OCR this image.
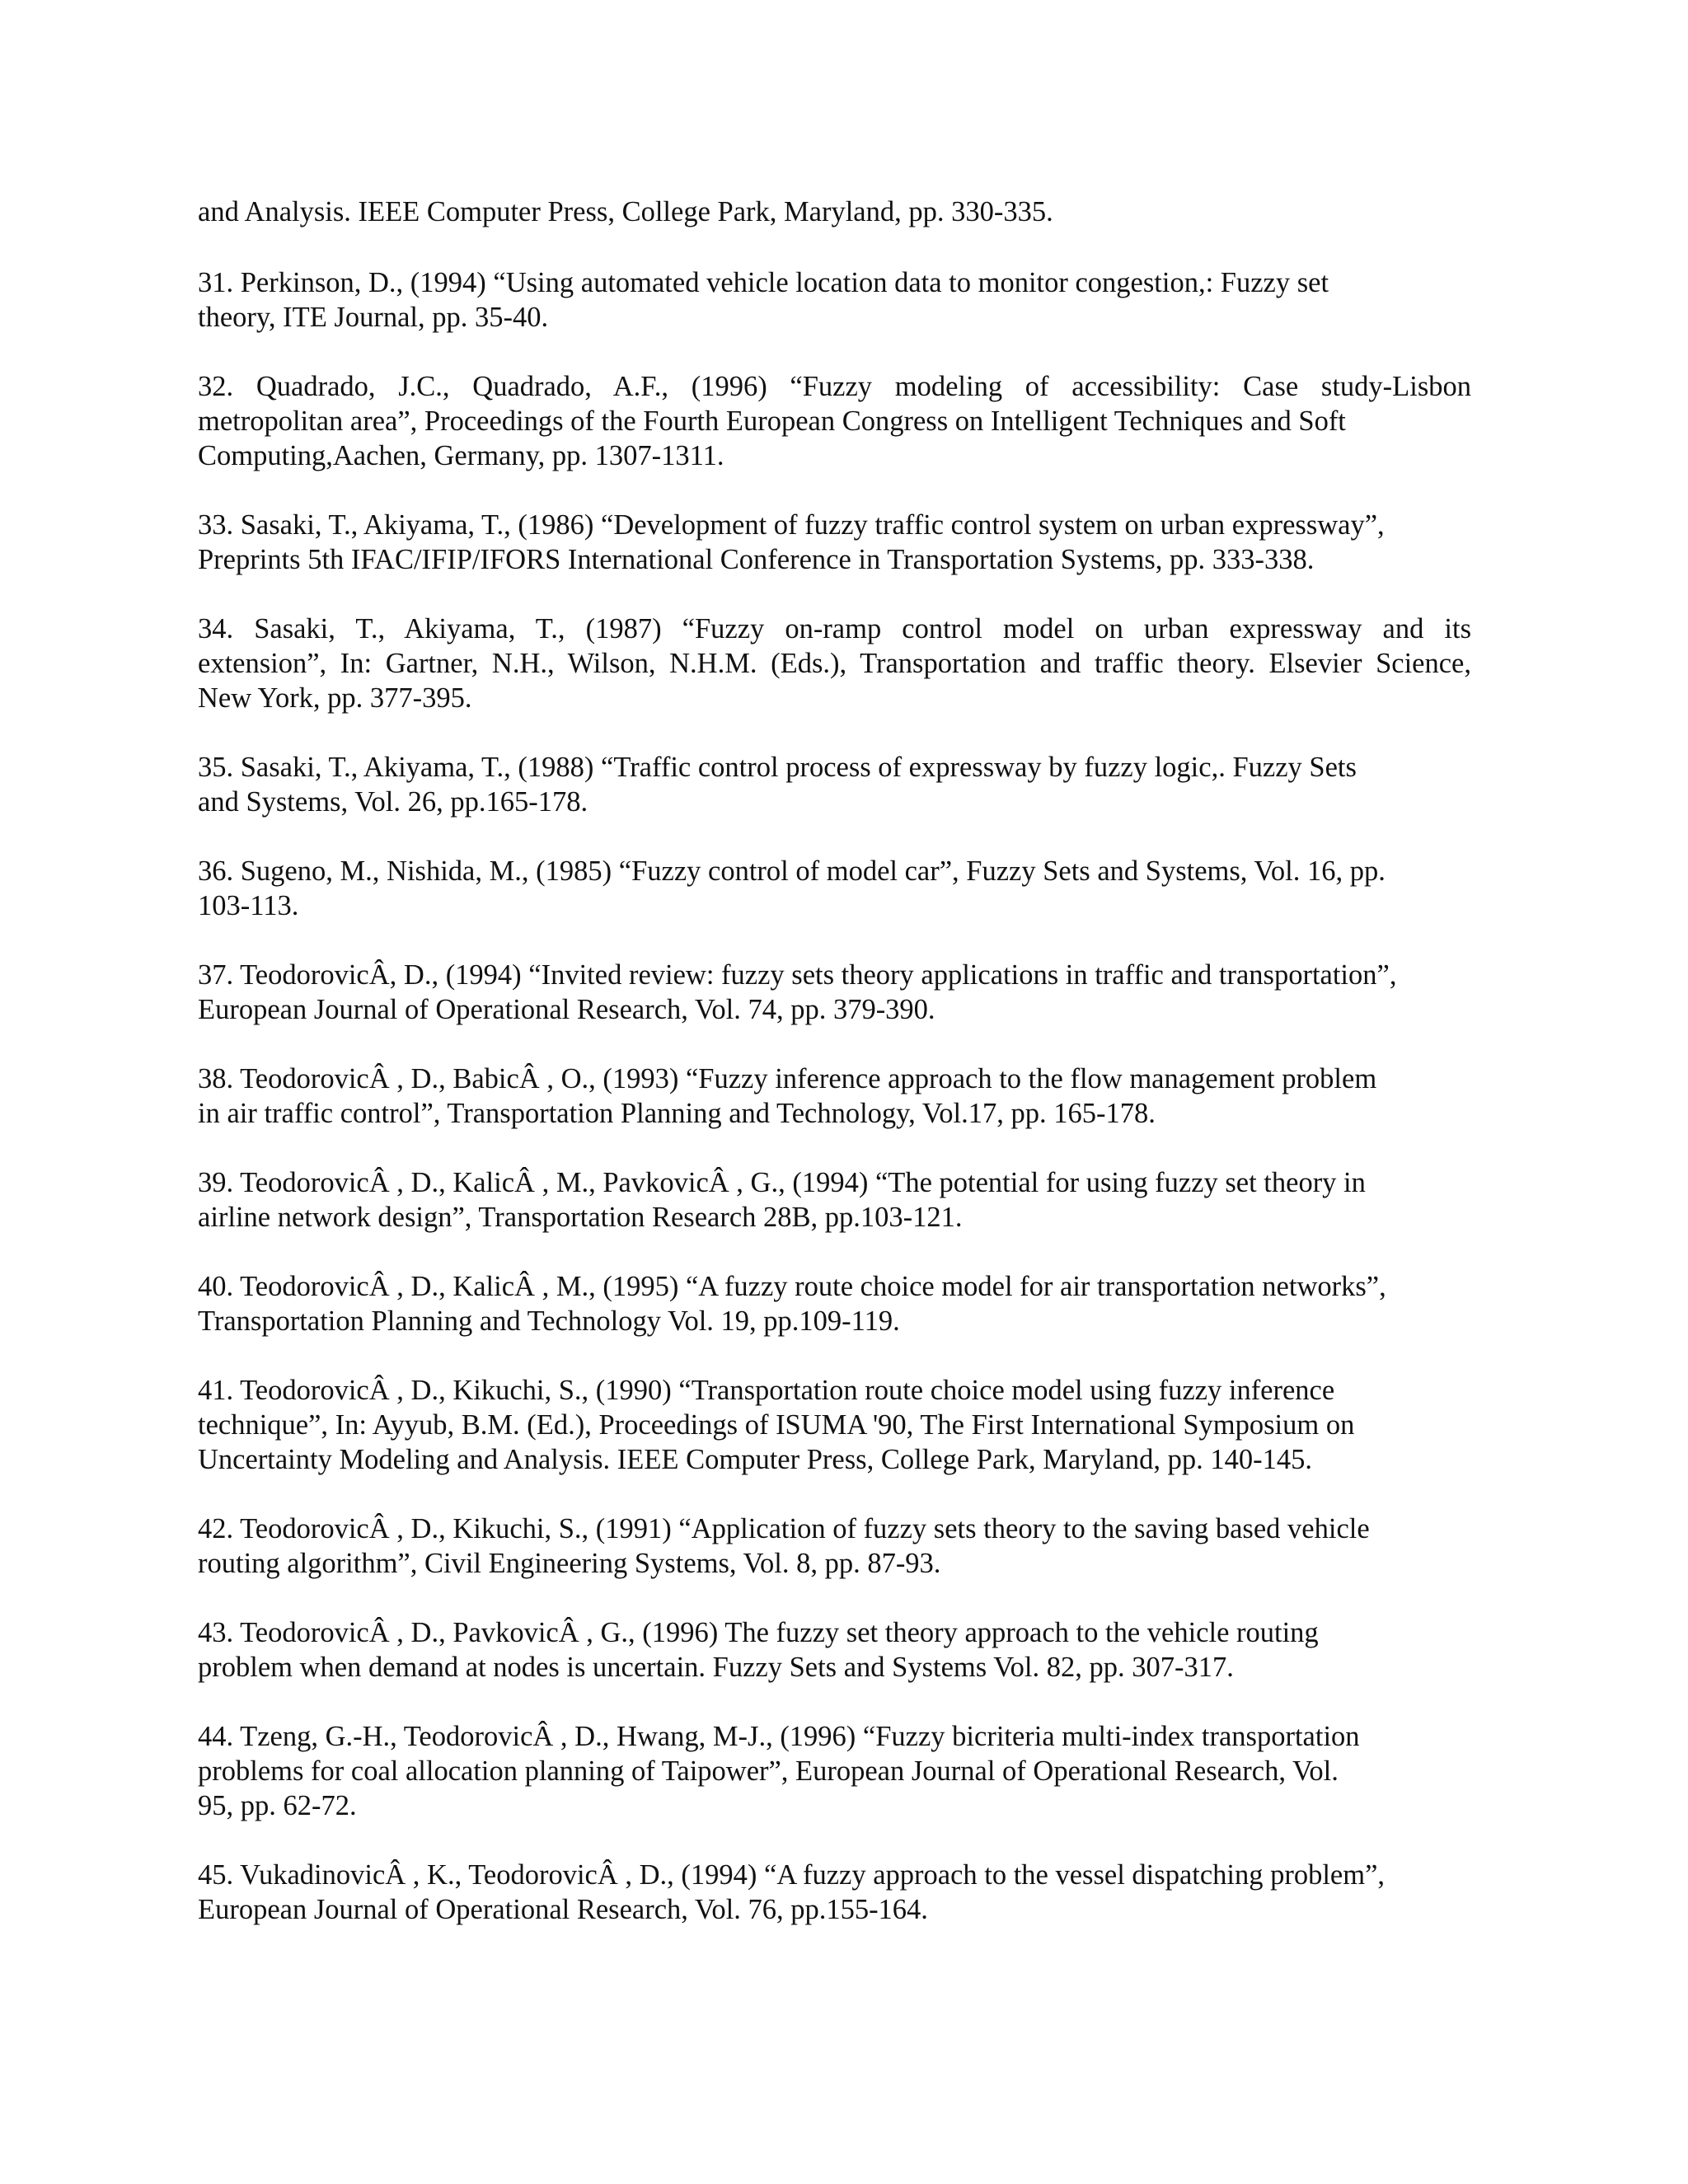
and Analysis. IEEE Computer Press, College Park, Maryland, pp. 330-335.
31. Perkinson, D., (1994) “Using automated vehicle location data to monitor congestion,: Fuzzy set
theory, ITE Journal, pp. 35-40.
32. Quadrado, J.C., Quadrado, A.F., (1996) “Fuzzy modeling of accessibility: Case study-Lisbon
metropolitan area”, Proceedings of the Fourth European Congress on Intelligent Techniques and Soft
Computing,Aachen, Germany, pp. 1307-1311.
33. Sasaki, T., Akiyama, T., (1986) “Development of fuzzy traffic control system on urban expressway”,
Preprints 5th IFAC/IFIP/IFORS International Conference in Transportation Systems, pp. 333-338.
34. Sasaki, T., Akiyama, T., (1987) “Fuzzy on-ramp control model on urban expressway and its
extension”, In: Gartner, N.H., Wilson, N.H.M. (Eds.), Transportation and traffic theory. Elsevier Science,
New York, pp. 377-395.
35. Sasaki, T., Akiyama, T., (1988) “Traffic control process of expressway by fuzzy logic,. Fuzzy Sets
and Systems, Vol. 26, pp.165-178.
36. Sugeno, M., Nishida, M., (1985) “Fuzzy control of model car”, Fuzzy Sets and Systems, Vol. 16, pp.
103-113.
37. TeodorovicÂ, D., (1994) “Invited review: fuzzy sets theory applications in traffic and transportation”,
European Journal of Operational Research, Vol. 74, pp. 379-390.
38. TeodorovicÂ , D., BabicÂ , O., (1993) “Fuzzy inference approach to the flow management problem
in air traffic control”, Transportation Planning and Technology, Vol.17, pp. 165-178.
39. TeodorovicÂ , D., KalicÂ , M., PavkovicÂ , G., (1994) “The potential for using fuzzy set theory in
airline network design”, Transportation Research 28B, pp.103-121.
40. TeodorovicÂ , D., KalicÂ , M., (1995) “A fuzzy route choice model for air transportation networks”,
Transportation Planning and Technology Vol. 19, pp.109-119.
41. TeodorovicÂ , D., Kikuchi, S., (1990) “Transportation route choice model using fuzzy inference
technique”, In: Ayyub, B.M. (Ed.), Proceedings of ISUMA '90, The First International Symposium on
Uncertainty Modeling and Analysis. IEEE Computer Press, College Park, Maryland, pp. 140-145.
42. TeodorovicÂ , D., Kikuchi, S., (1991) “Application of fuzzy sets theory to the saving based vehicle
routing algorithm”, Civil Engineering Systems, Vol. 8, pp. 87-93.
43. TeodorovicÂ , D., PavkovicÂ , G., (1996) The fuzzy set theory approach to the vehicle routing
problem when demand at nodes is uncertain. Fuzzy Sets and Systems Vol. 82, pp. 307-317.
44. Tzeng, G.-H., TeodorovicÂ , D., Hwang, M-J., (1996) “Fuzzy bicriteria multi-index transportation
problems for coal allocation planning of Taipower”, European Journal of Operational Research, Vol.
95, pp. 62-72.
45. VukadinovicÂ , K., TeodorovicÂ , D., (1994) “A fuzzy approach to the vessel dispatching problem”,
European Journal of Operational Research, Vol. 76, pp.155-164.
